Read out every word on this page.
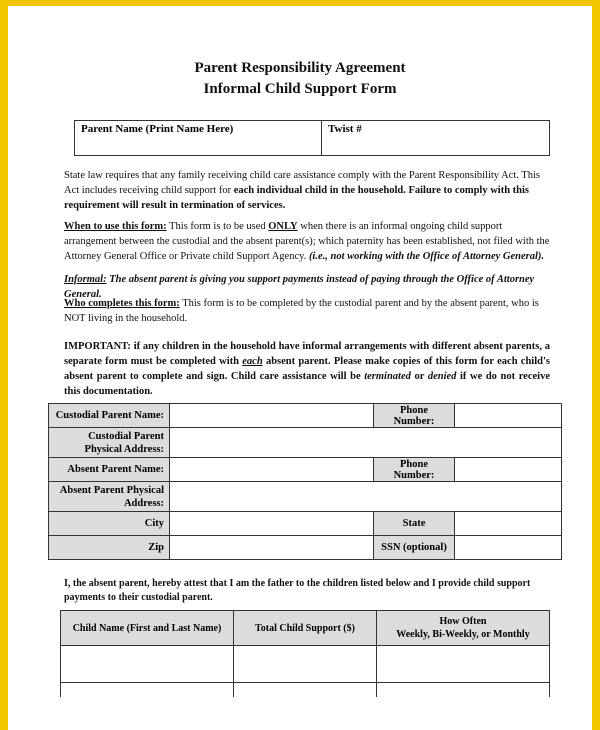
Parent Responsibility Agreement
Informal Child Support Form
Parent Name (Print Name Here)	Twist #
State law requires that any family receiving child care assistance comply with the Parent Responsibility Act. This Act includes receiving child support for each individual child in the household. Failure to comply with this requirement will result in termination of services.
When to use this form: This form is to be used ONLY when there is an informal ongoing child support arrangement between the custodial and the absent parent(s); which paternity has been established, not filed with the Attorney General Office or Private child Support Agency. (i.e., not working with the Office of Attorney General).
Informal: The absent parent is giving you support payments instead of paying through the Office of Attorney General.
Who completes this form: This form is to be completed by the custodial parent and by the absent parent, who is NOT living in the household.
IMPORTANT: if any children in the household have informal arrangements with different absent parents, a separate form must be completed with each absent parent. Please make copies of this form for each child's absent parent to complete and sign. Child care assistance will be terminated or denied if we do not receive this documentation.
Custodial Parent Name:		Phone Number:	
Custodial Parent Physical Address:			
Absent Parent Name:		Phone Number:	
Absent Parent Physical Address:			
City		State	
Zip		SSN (optional)	
I, the absent parent, hereby attest that I am the father to the children listed below and I provide child support payments to their custodial parent.
Child Name (First and Last Name)	Total Child Support ($)	How Often
Weekly, Bi-Weekly, or Monthly
